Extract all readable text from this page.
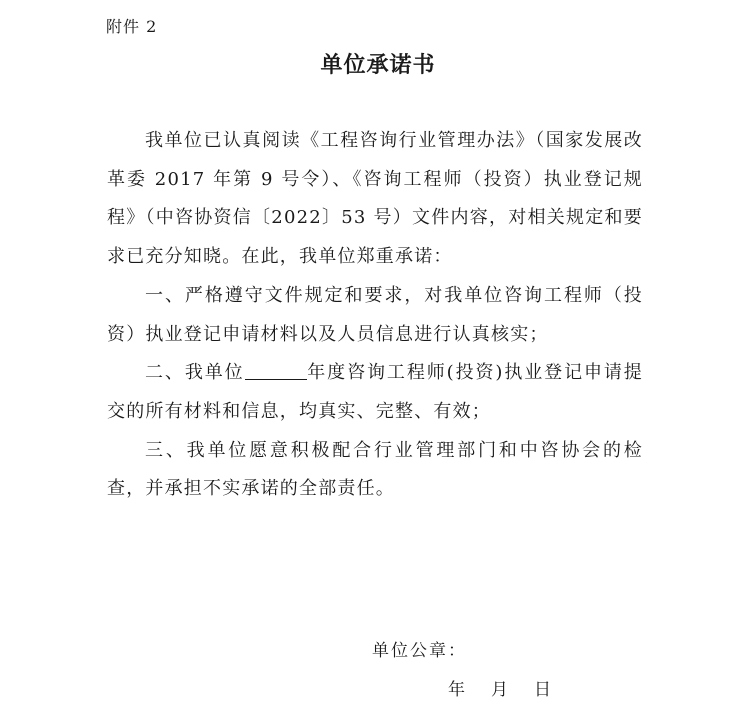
附件 2
单位承诺书

我单位已认真阅读《工程咨询行业管理办法》（国家发展改革委 2017 年第 9 号令）、《咨询工程师（投资）执业登记规程》（中咨协资信〔2022〕53 号）文件内容，对相关规定和要求已充分知晓。在此，我单位郑重承诺：

一、严格遵守文件规定和要求，对我单位咨询工程师（投资）执业登记申请材料以及人员信息进行认真核实；

二、我单位	年度咨询工程师(投资)执业登记申请提交的所有材料和信息，均真实、完整、有效；

三、我单位愿意积极配合行业管理部门和中咨协会的检查，并承担不实承诺的全部责任。

单位公章：
年 月 日
